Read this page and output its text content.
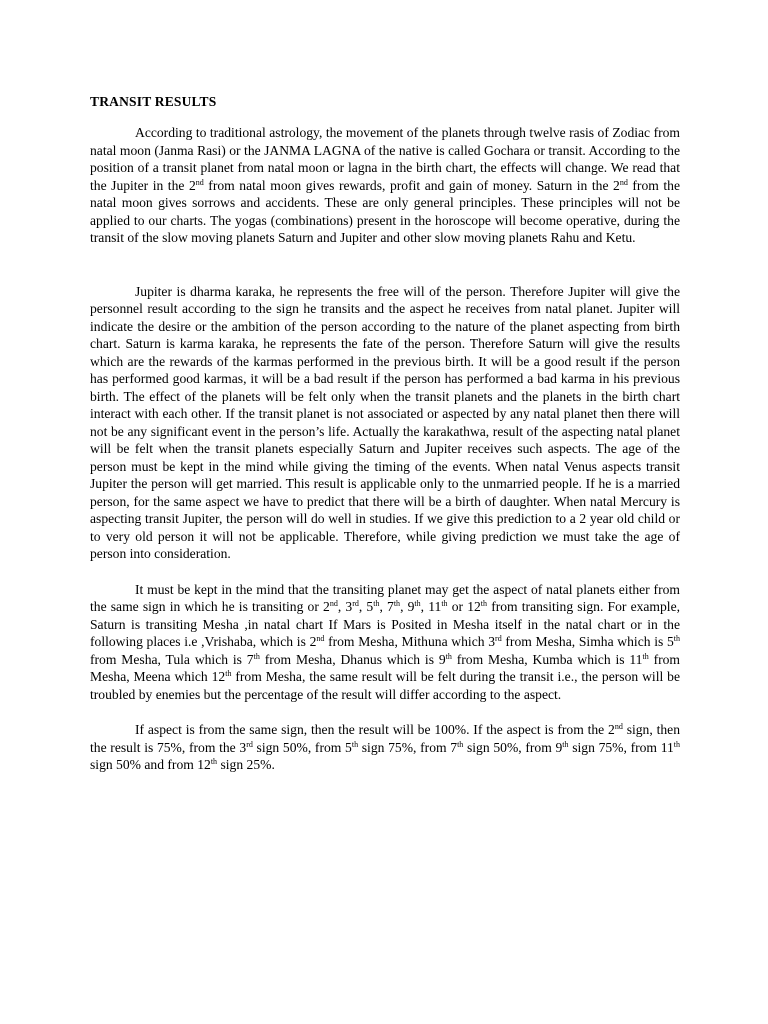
TRANSIT RESULTS

According to traditional astrology, the movement of the planets through twelve rasis of Zodiac from natal moon (Janma Rasi) or the JANMA LAGNA of the native is called Gochara or transit. According to the position of a transit planet from natal moon or lagna in the birth chart, the effects will change. We read that the Jupiter in the 2nd from natal moon gives rewards, profit and gain of money. Saturn in the 2nd from the natal moon gives sorrows and accidents. These are only general principles. These principles will not be applied to our charts. The yogas (combinations) present in the horoscope will become operative, during the transit of the slow moving planets Saturn and Jupiter and other slow moving planets Rahu and Ketu.

Jupiter is dharma karaka, he represents the free will of the person. Therefore Jupiter will give the personnel result according to the sign he transits and the aspect he receives from natal planet. Jupiter will indicate the desire or the ambition of the person according to the nature of the planet aspecting from birth chart. Saturn is karma karaka, he represents the fate of the person. Therefore Saturn will give the results which are the rewards of the karmas performed in the previous birth. It will be a good result if the person has performed good karmas, it will be a bad result if the person has performed a bad karma in his previous birth. The effect of the planets will be felt only when the transit planets and the planets in the birth chart interact with each other. If the transit planet is not associated or aspected by any natal planet then there will not be any significant event in the person’s life. Actually the karakathwa, result of the aspecting natal planet will be felt when the transit planets especially Saturn and Jupiter receives such aspects. The age of the person must be kept in the mind while giving the timing of the events. When natal Venus aspects transit Jupiter the person will get married. This result is applicable only to the unmarried people. If he is a married person, for the same aspect we have to predict that there will be a birth of daughter. When natal Mercury is aspecting transit Jupiter, the person will do well in studies. If we give this prediction to a 2 year old child or to very old person it will not be applicable. Therefore, while giving prediction we must take the age of person into consideration.

It must be kept in the mind that the transiting planet may get the aspect of natal planets either from the same sign in which he is transiting or 2nd, 3rd, 5th, 7th, 9th, 11th or 12th from transiting sign. For example, Saturn is transiting Mesha ,in natal chart If Mars is Posited in Mesha itself in the natal chart or in the following places i.e ,Vrishaba, which is 2nd from Mesha, Mithuna which 3rd from Mesha, Simha which is 5th from Mesha, Tula which is 7th from Mesha, Dhanus which is 9th from Mesha, Kumba which is 11th from Mesha, Meena which 12th from Mesha, the same result will be felt during the transit i.e., the person will be troubled by enemies but the percentage of the result will differ according to the aspect.

If aspect is from the same sign, then the result will be 100%. If the aspect is from the 2nd sign, then the result is 75%, from the 3rd sign 50%, from 5th sign 75%, from 7th sign 50%, from 9th sign 75%, from 11th sign 50% and from 12th sign 25%.
